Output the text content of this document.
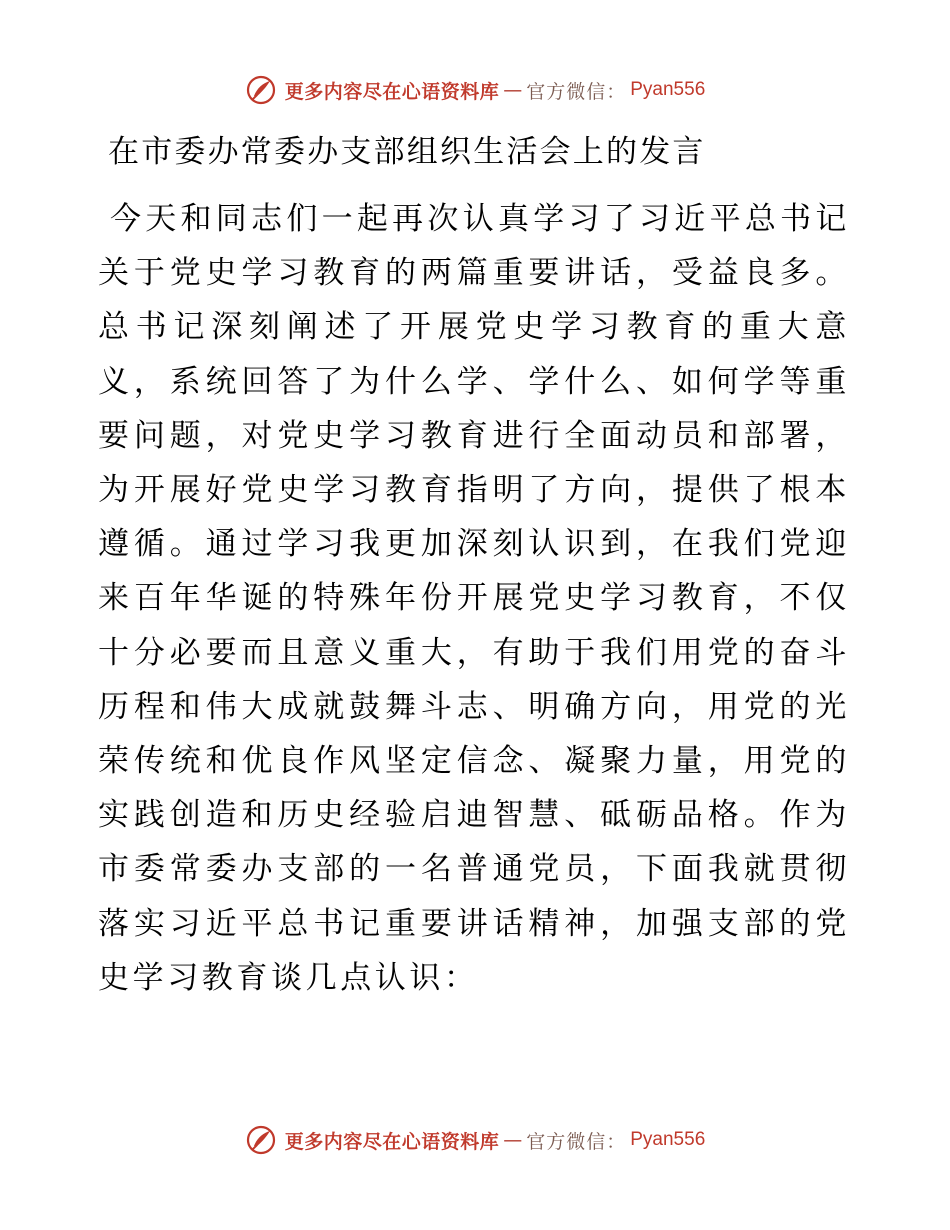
更多内容尽在心语资料库 — 官方微信： Pyan556
在市委办常委办支部组织生活会上的发言

今天和同志们一起再次认真学习了习近平总书记关于党史学习教育的两篇重要讲话，受益良多。总书记深刻阐述了开展党史学习教育的重大意义，系统回答了为什么学、学什么、如何学等重要问题，对党史学习教育进行全面动员和部署，为开展好党史学习教育指明了方向，提供了根本遵循。通过学习我更加深刻认识到，在我们党迎来百年华诞的特殊年份开展党史学习教育，不仅十分必要而且意义重大，有助于我们用党的奋斗历程和伟大成就鼓舞斗志、明确方向，用党的光荣传统和优良作风坚定信念、凝聚力量，用党的实践创造和历史经验启迪智慧、砥砺品格。作为市委常委办支部的一名普通党员，下面我就贯彻落实习近平总书记重要讲话精神，加强支部的党史学习教育谈几点认识：

更多内容尽在心语资料库 — 官方微信： Pyan556
